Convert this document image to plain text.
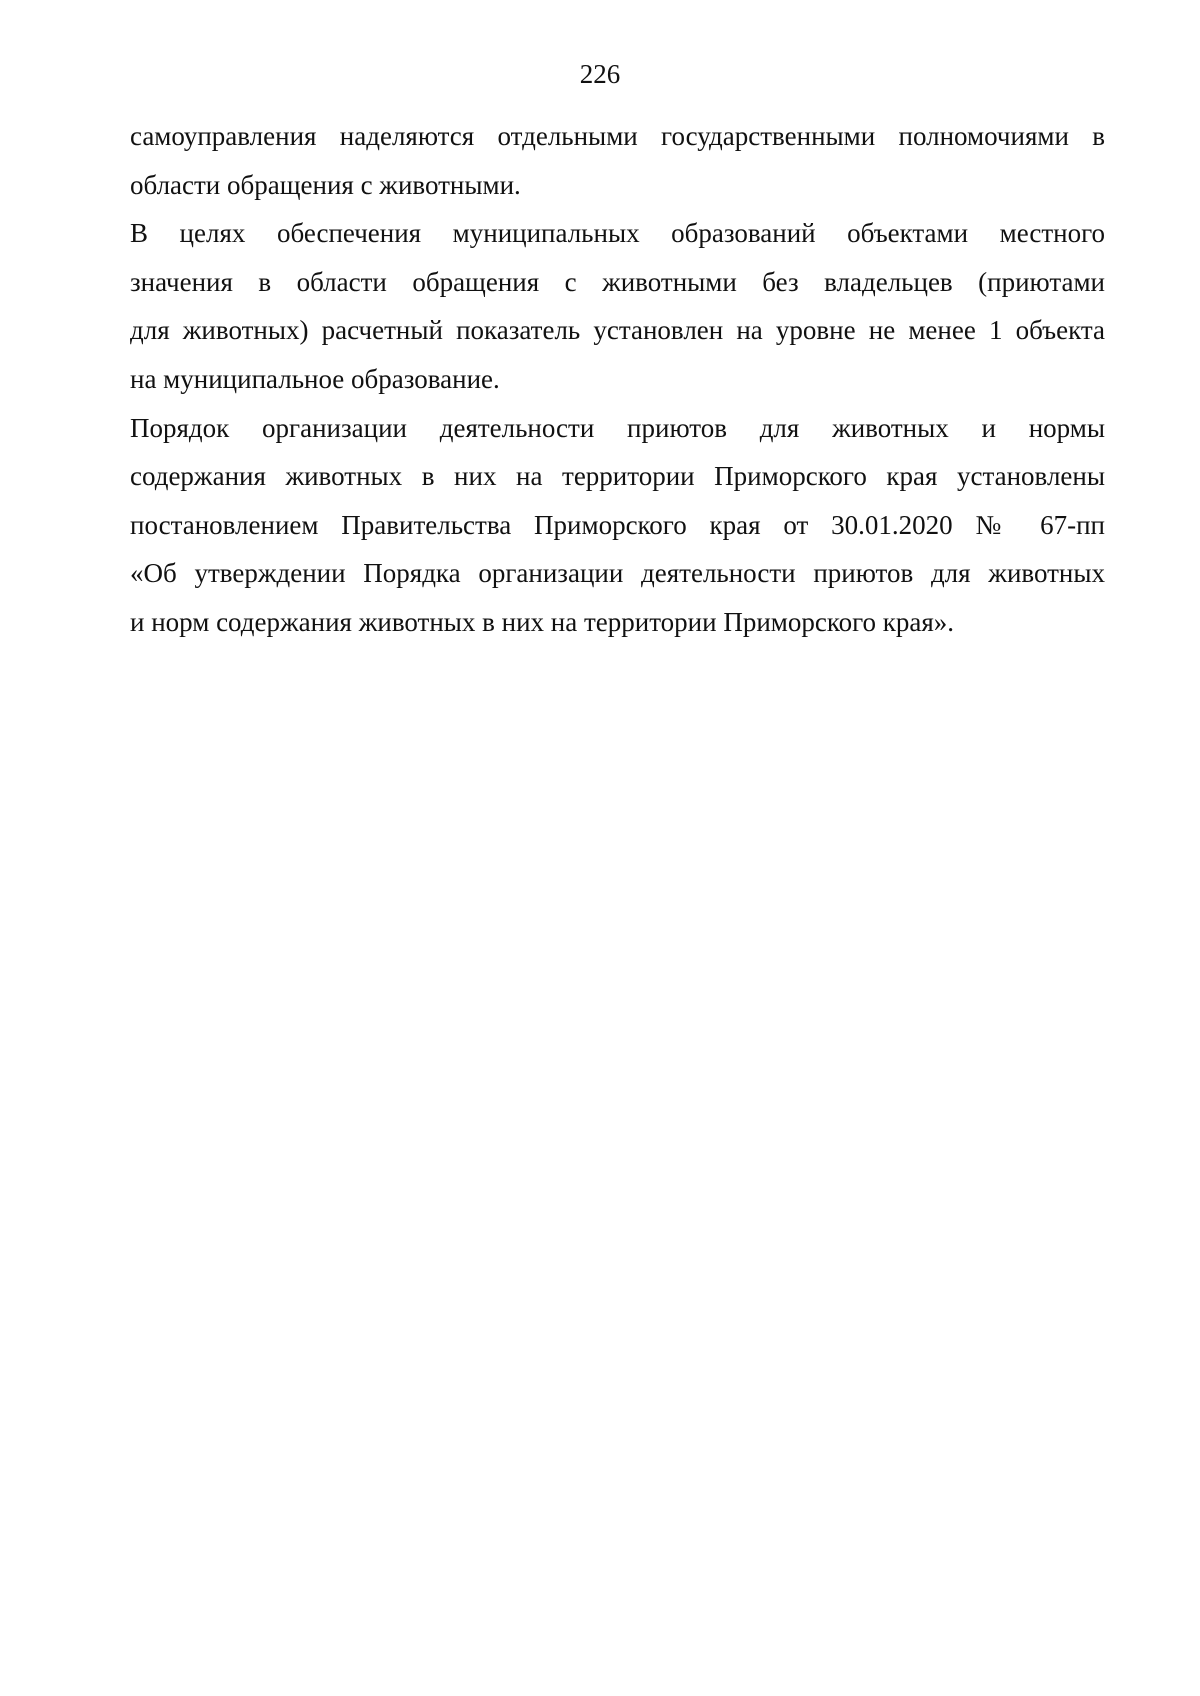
226
самоуправления наделяются отдельными государственными полномочиями в
области обращения с животными.
В целях обеспечения муниципальных образований объектами местного
значения в области обращения с животными без владельцев (приютами
для животных) расчетный показатель установлен на уровне не менее 1 объекта
на муниципальное образование.
Порядок организации деятельности приютов для животных и нормы
содержания животных в них на территории Приморского края установлены
постановлением Правительства Приморского края от 30.01.2020 № 67-пп
«Об утверждении Порядка организации деятельности приютов для животных
и норм содержания животных в них на территории Приморского края».
